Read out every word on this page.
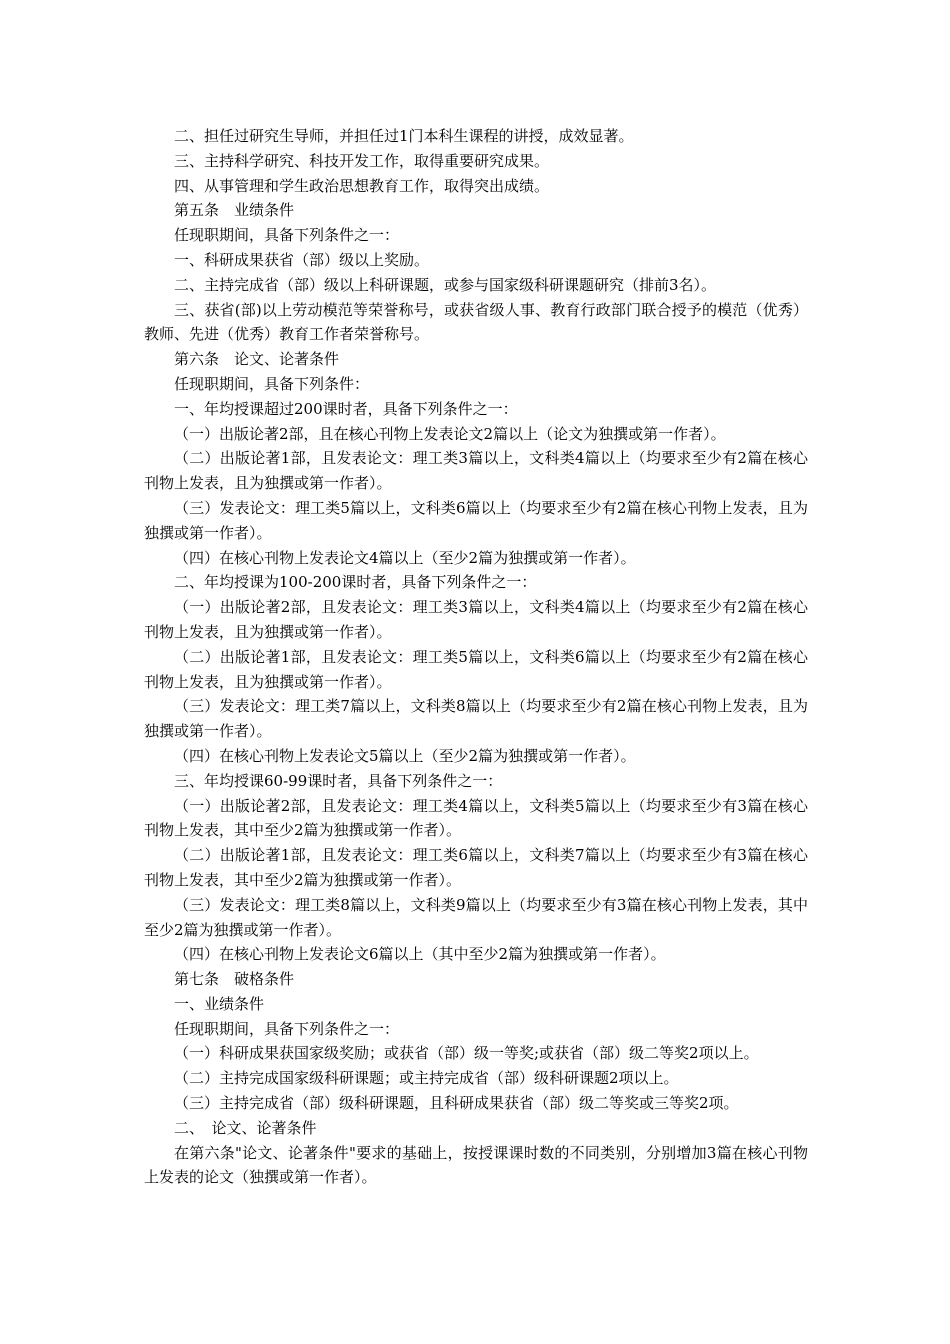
二、担任过研究生导师，并担任过1门本科生课程的讲授，成效显著。

三、主持科学研究、科技开发工作，取得重要研究成果。

四、从事管理和学生政治思想教育工作，取得突出成绩。

第五条　业绩条件

任现职期间，具备下列条件之一：

一、科研成果获省（部）级以上奖励。

二、主持完成省（部）级以上科研课题，或参与国家级科研课题研究（排前3名）。

三、获省(部)以上劳动模范等荣誉称号，或获省级人事、教育行政部门联合授予的模范（优秀）教师、先进（优秀）教育工作者荣誉称号。

第六条　论文、论著条件

任现职期间，具备下列条件：

一、年均授课超过200课时者，具备下列条件之一：

（一）出版论著2部，且在核心刊物上发表论文2篇以上（论文为独撰或第一作者）。

（二）出版论著1部，且发表论文：理工类3篇以上，文科类4篇以上（均要求至少有2篇在核心刊物上发表，且为独撰或第一作者）。

（三）发表论文：理工类5篇以上，文科类6篇以上（均要求至少有2篇在核心刊物上发表，且为独撰或第一作者）。

（四）在核心刊物上发表论文4篇以上（至少2篇为独撰或第一作者）。

二、年均授课为100-200课时者，具备下列条件之一：

（一）出版论著2部，且发表论文：理工类3篇以上，文科类4篇以上（均要求至少有2篇在核心刊物上发表，且为独撰或第一作者）。

（二）出版论著1部，且发表论文：理工类5篇以上，文科类6篇以上（均要求至少有2篇在核心刊物上发表，且为独撰或第一作者）。

（三）发表论文：理工类7篇以上，文科类8篇以上（均要求至少有2篇在核心刊物上发表，且为独撰或第一作者）。

（四）在核心刊物上发表论文5篇以上（至少2篇为独撰或第一作者）。

三、年均授课60-99课时者，具备下列条件之一：

（一）出版论著2部，且发表论文：理工类4篇以上，文科类5篇以上（均要求至少有3篇在核心刊物上发表，其中至少2篇为独撰或第一作者）。

（二）出版论著1部，且发表论文：理工类6篇以上，文科类7篇以上（均要求至少有3篇在核心刊物上发表，其中至少2篇为独撰或第一作者）。

（三）发表论文：理工类8篇以上，文科类9篇以上（均要求至少有3篇在核心刊物上发表，其中至少2篇为独撰或第一作者）。

（四）在核心刊物上发表论文6篇以上（其中至少2篇为独撰或第一作者）。

第七条　破格条件

一、业绩条件

任现职期间，具备下列条件之一：

（一）科研成果获国家级奖励；或获省（部）级一等奖;或获省（部）级二等奖2项以上。

（二）主持完成国家级科研课题；或主持完成省（部）级科研课题2项以上。

（三）主持完成省（部）级科研课题，且科研成果获省（部）级二等奖或三等奖2项。

二、　论文、论著条件

在第六条"论文、论著条件"要求的基础上，按授课课时数的不同类别，分别增加3篇在核心刊物上发表的论文（独撰或第一作者）。
